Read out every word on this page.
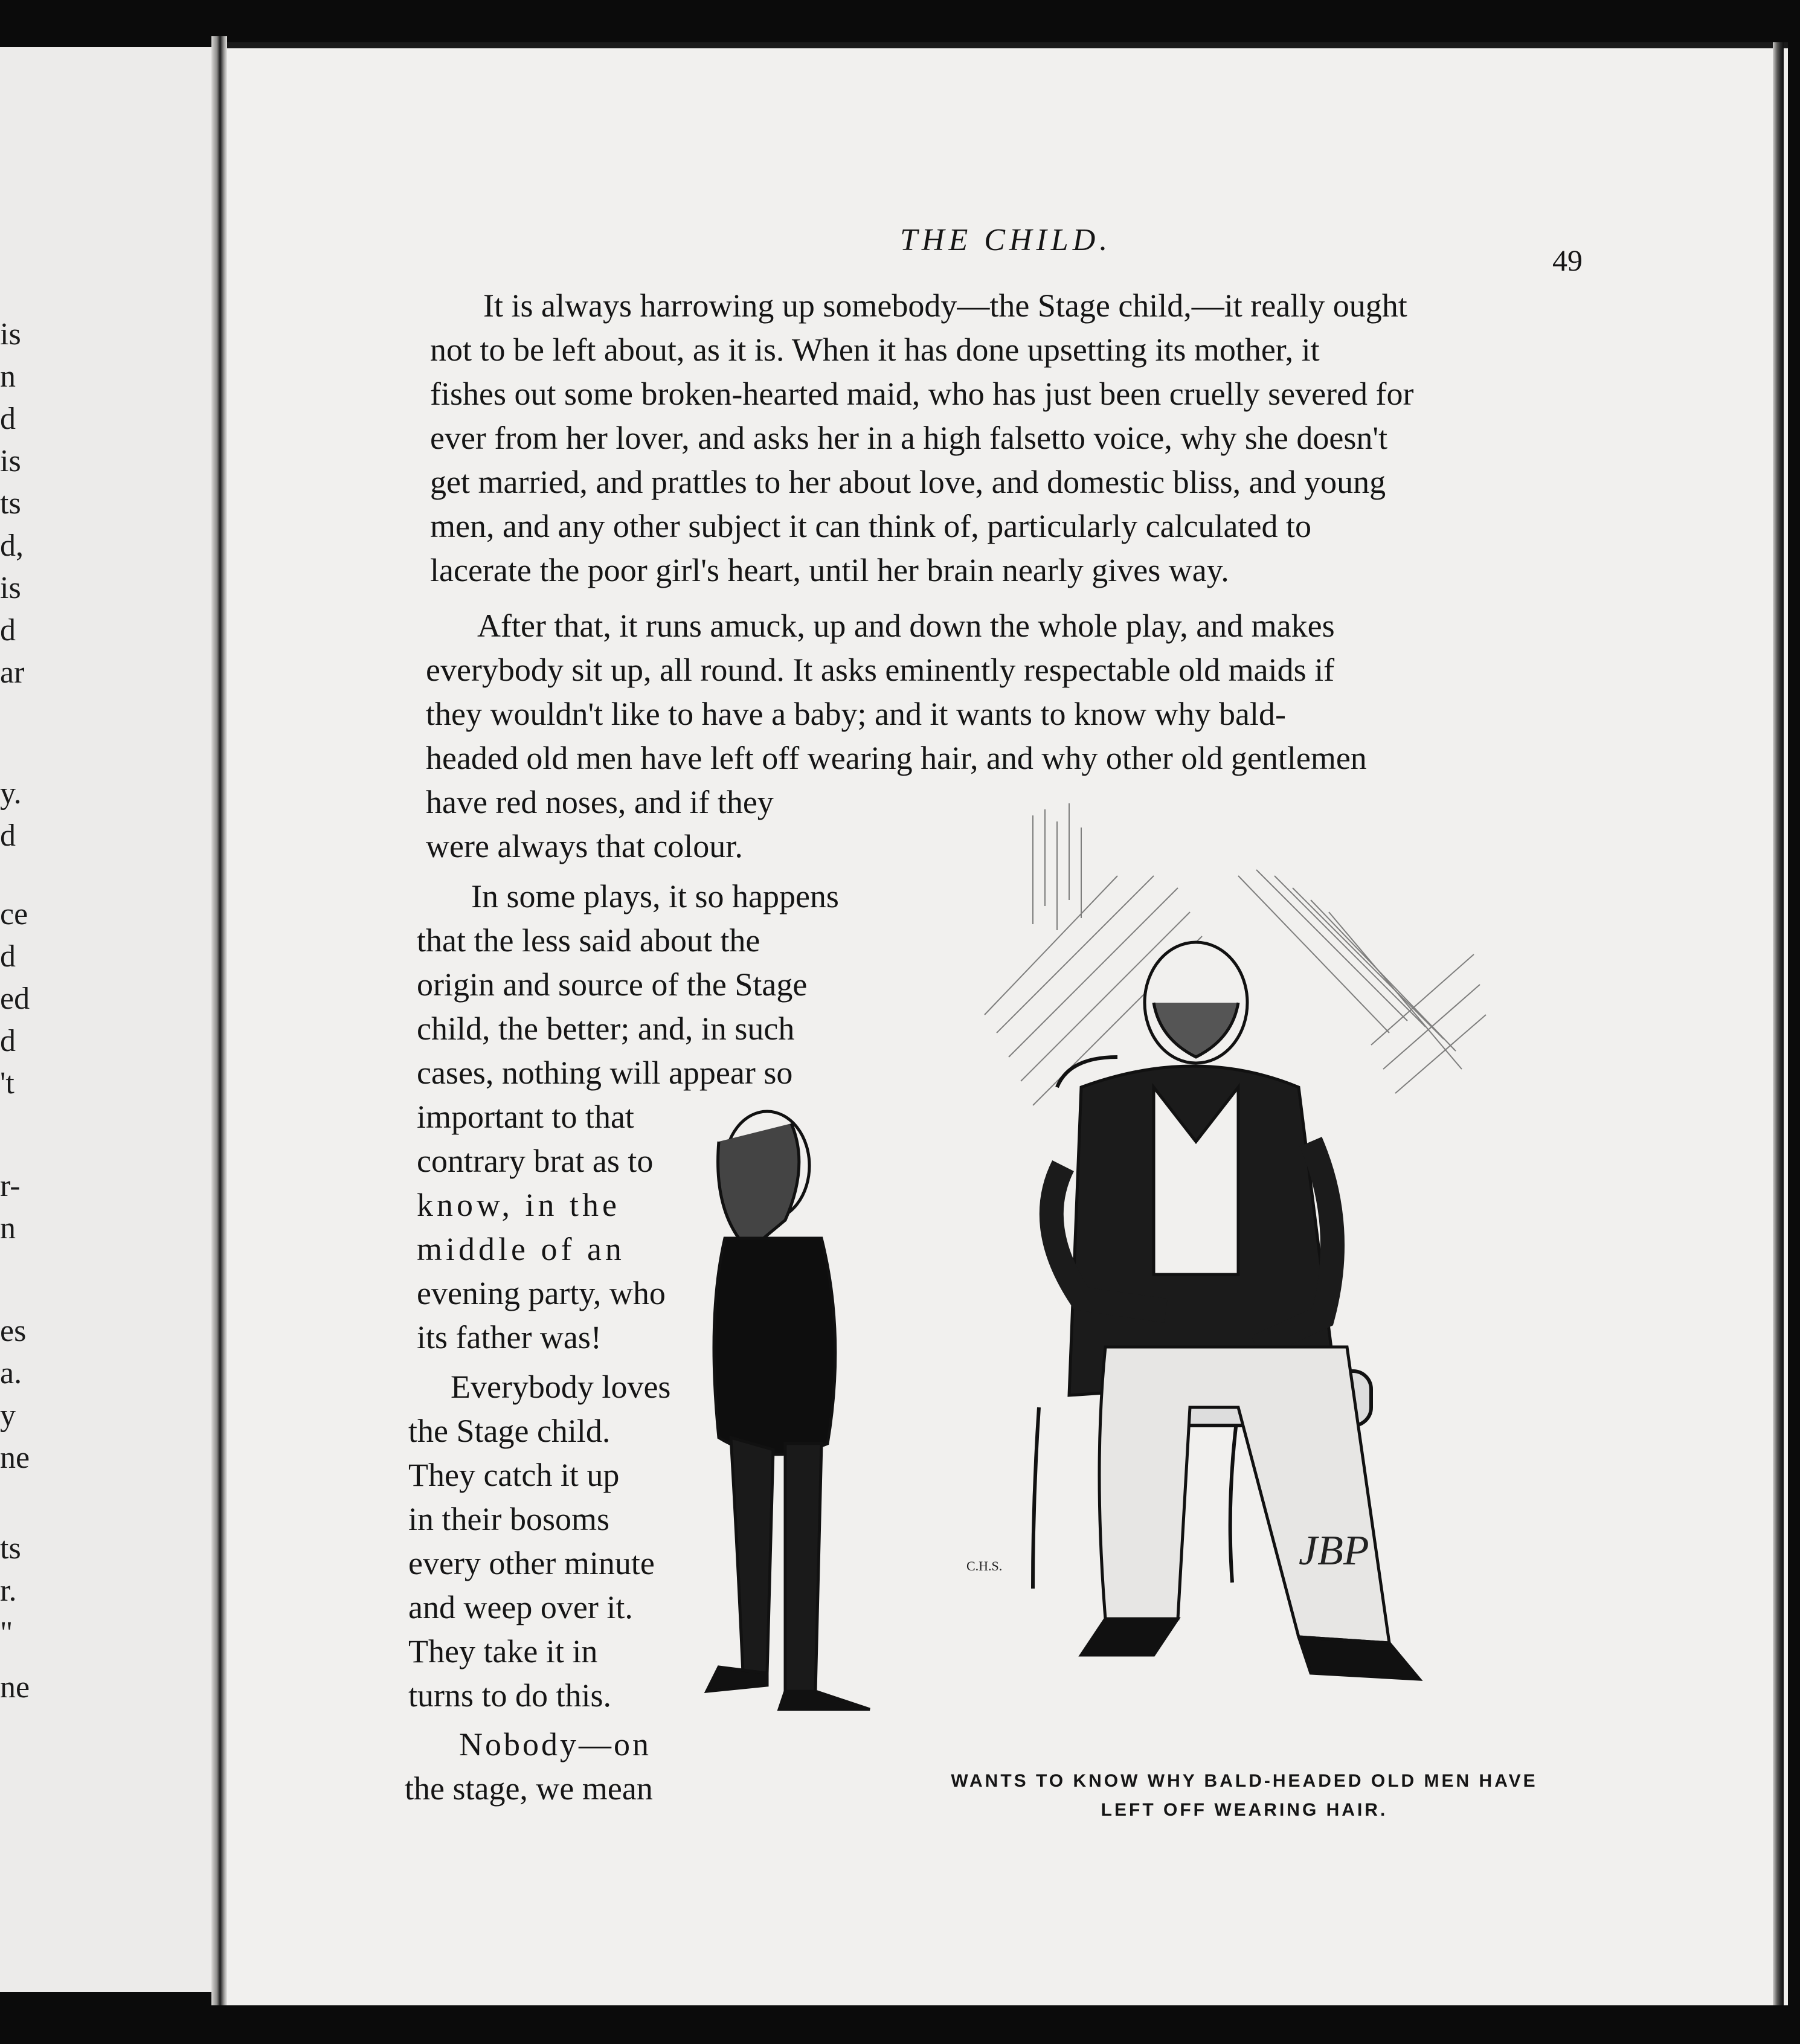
is
n
d
is
ts
d,
is
d
ar
y.
d
ce
d
ed
d
't
r-
n
es
a.
y
ne
ts
r.
"
ne
THE CHILD.
49
It is always harrowing up somebody—the Stage child,—it really ought
not to be left about, as it is. When it has done upsetting its mother, it
fishes out some broken-hearted maid, who has just been cruelly severed for
ever from her lover, and asks her in a high falsetto voice, why she doesn't
get married, and prattles to her about love, and domestic bliss, and young
men, and any other subject it can think of, particularly calculated to
lacerate the poor girl's heart, until her brain nearly gives way.
After that, it runs amuck, up and down the whole play, and makes
everybody sit up, all round. It asks eminently respectable old maids if
they wouldn't like to have a baby; and it wants to know why bald-
headed old men have left off wearing hair, and why other old gentlemen
have red noses, and if they
were always that colour.
In some plays, it so happens
that the less said about the
origin and source of the Stage
child, the better; and, in such
cases, nothing will appear so
important to that
contrary brat as to
know, in the
middle of an
evening party, who
its father was!
Everybody loves
the Stage child.
They catch it up
in their bosoms
every other minute
and weep over it.
They take it in
turns to do this.
Nobody—on
the stage, we mean
JBP
C.H.S.
WANTS TO KNOW WHY BALD-HEADED OLD MEN HAVE
LEFT OFF WEARING HAIR.
